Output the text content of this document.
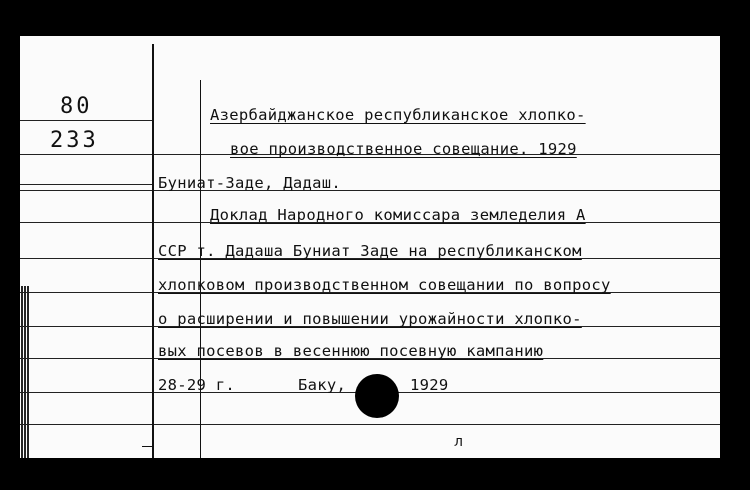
80
233
Азербайджанское республиканское хлопко-
вое производственное совещание. 1929
Буниат-Заде, Дадаш.
Доклад Народного комиссара земледелия А
ССР т. Дадаша Буниат Заде на республиканском
хлопковом производственном совещании по вопросу
о расширении и повышении урожайности хлопко-
вых посевов в весеннюю посевную кампанию
28-29 г.	Баку,	1929
л
